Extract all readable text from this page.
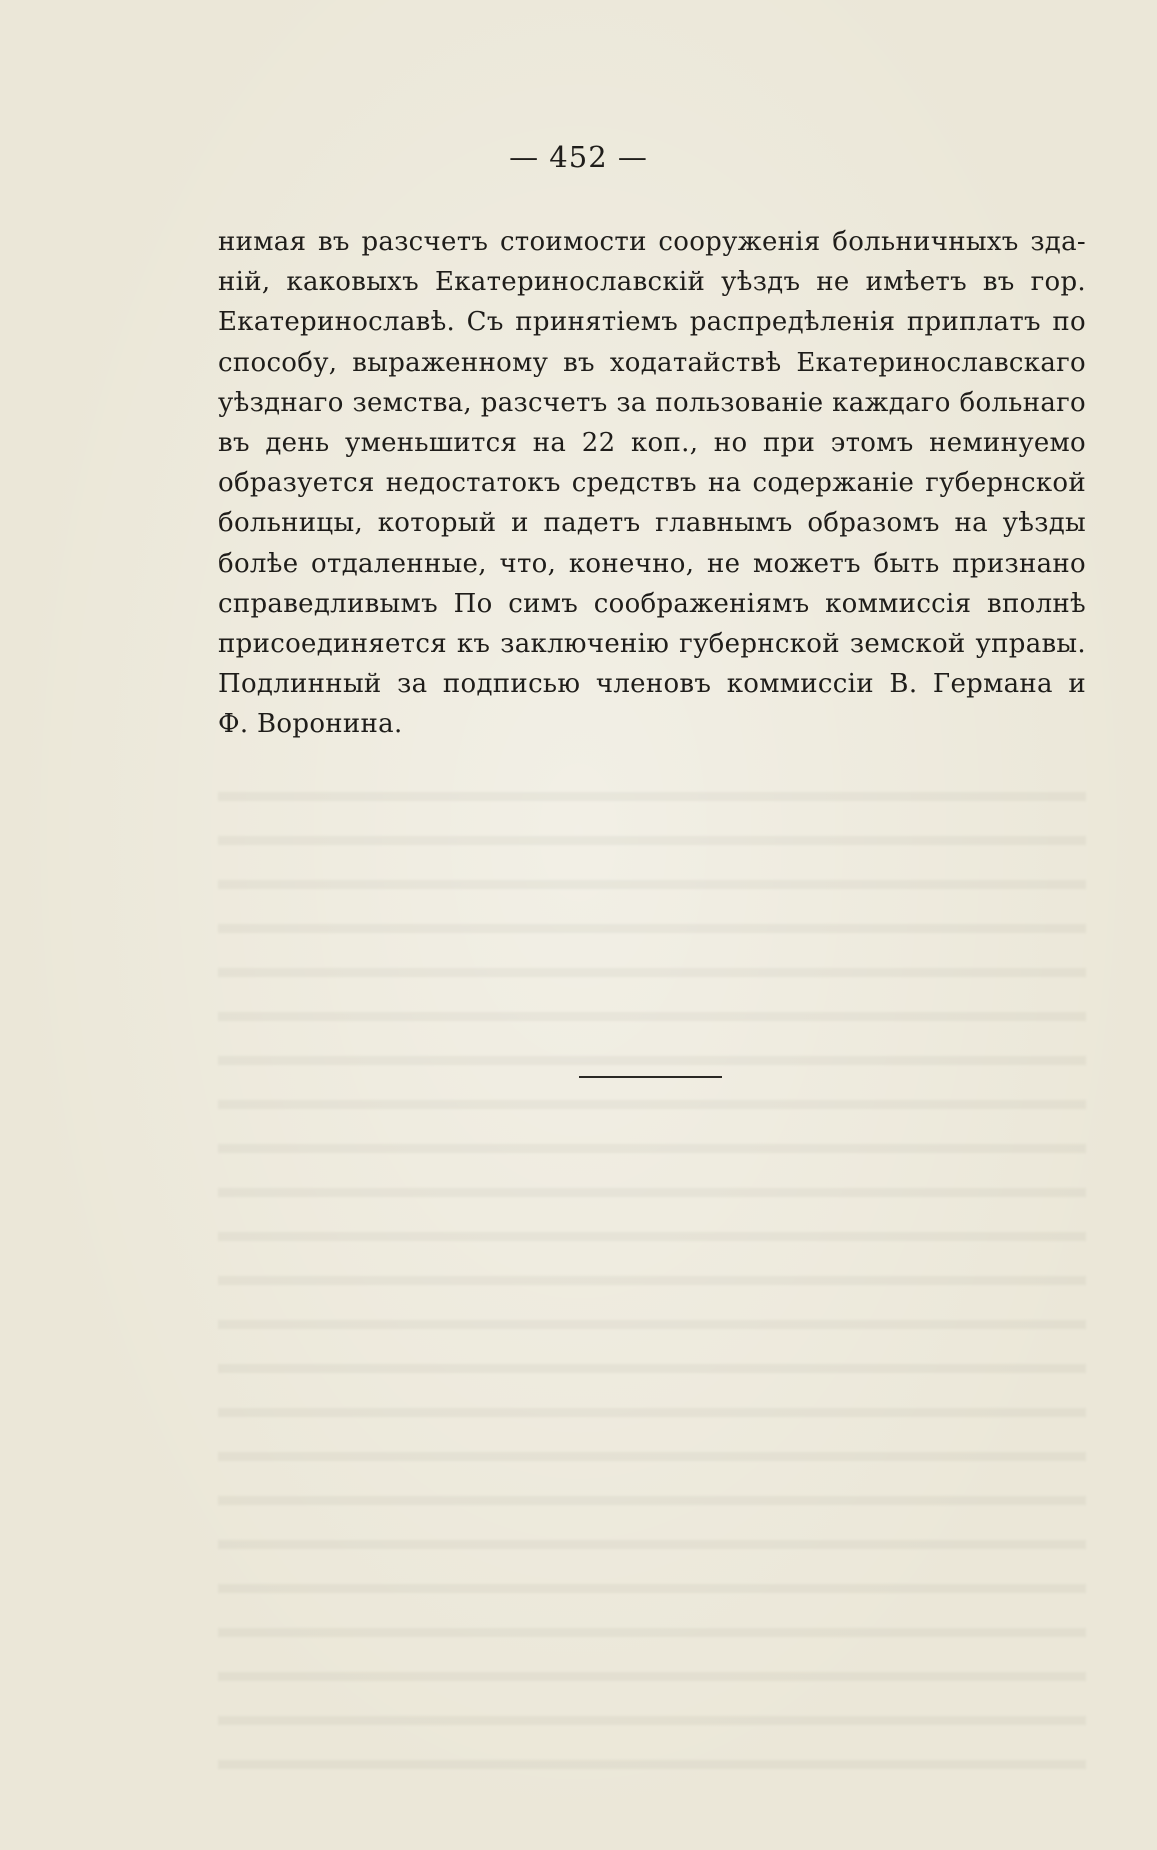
— 452 —
нимая въ разсчетъ стоимости сооруженія больничныхъ зда-
ній, каковыхъ Екатеринославскій уѣздъ не имѣетъ въ гор.
Екатеринославѣ. Съ принятіемъ распредѣленія приплатъ по
способу, выраженному въ ходатайствѣ Екатеринославскаго
уѣзднаго земства, разсчетъ за пользованіе каждаго больнаго
въ день уменьшится на 22 коп., но при этомъ неминуемо
образуется недостатокъ средствъ на содержаніе губернской
больницы, который и падетъ главнымъ образомъ на уѣзды
болѣе отдаленные, что, конечно, не можетъ быть признано
справедливымъ По симъ соображеніямъ коммиссія вполнѣ
присоединяется къ заключенію губернской земской управы.
Подлинный за подписью членовъ коммиссіи В. Германа и
Ф. Воронина.
